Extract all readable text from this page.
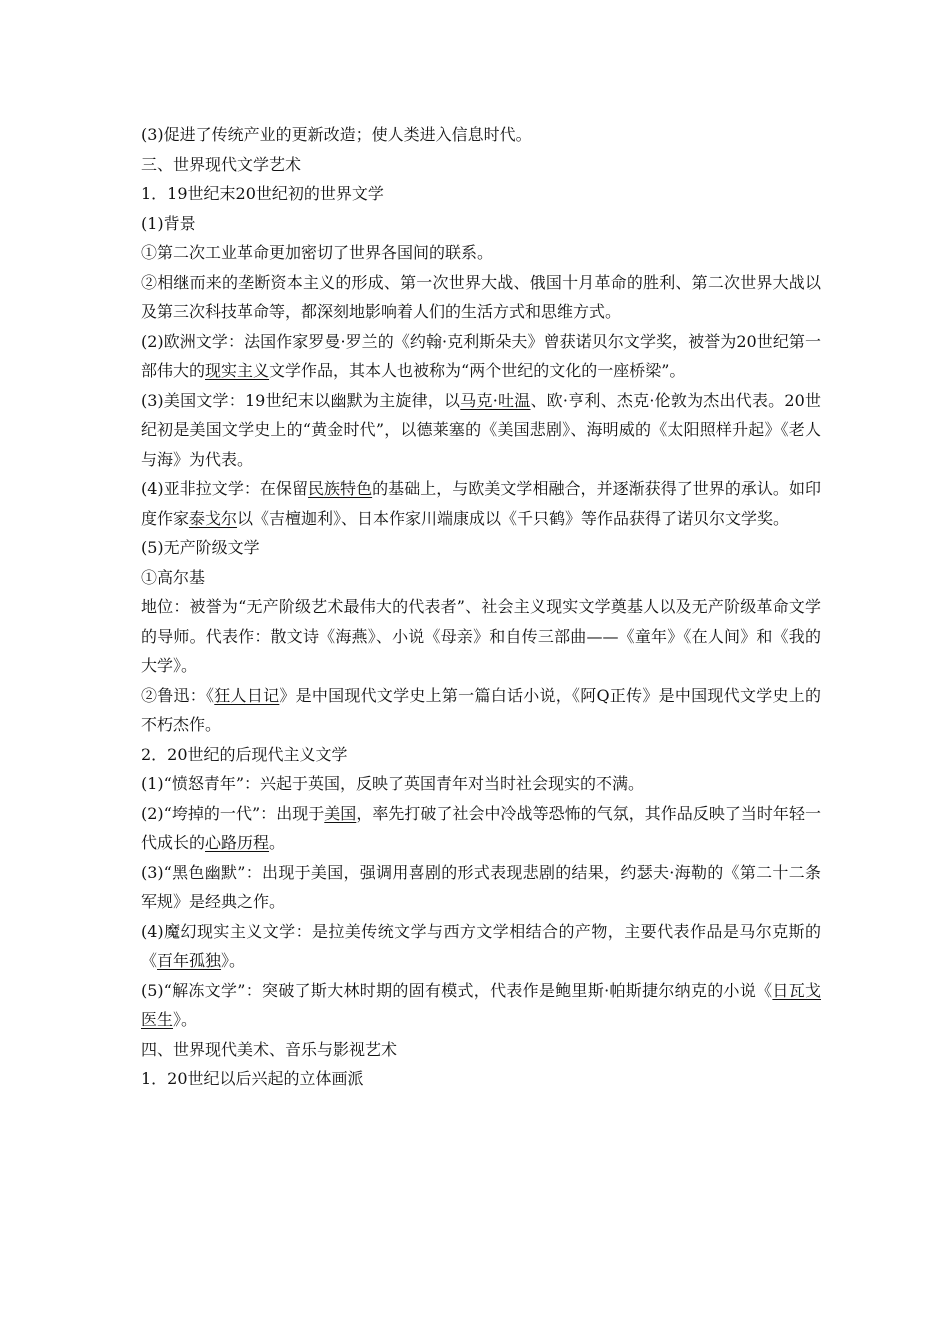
(3)促进了传统产业的更新改造；使人类进入信息时代。

三、世界现代文学艺术

1．19世纪末20世纪初的世界文学

(1)背景

①第二次工业革命更加密切了世界各国间的联系。

②相继而来的垄断资本主义的形成、第一次世界大战、俄国十月革命的胜利、第二次世界大战以及第三次科技革命等，都深刻地影响着人们的生活方式和思维方式。

(2)欧洲文学：法国作家罗曼·罗兰的《约翰·克利斯朵夫》曾获诺贝尔文学奖，被誉为20世纪第一部伟大的现实主义文学作品，其本人也被称为“两个世纪的文化的一座桥梁”。

(3)美国文学：19世纪末以幽默为主旋律，以马克·吐温、欧·亨利、杰克·伦敦为杰出代表。20世纪初是美国文学史上的“黄金时代”，以德莱塞的《美国悲剧》、海明威的《太阳照样升起》《老人与海》为代表。

(4)亚非拉文学：在保留民族特色的基础上，与欧美文学相融合，并逐渐获得了世界的承认。如印度作家泰戈尔以《吉檀迦利》、日本作家川端康成以《千只鹤》等作品获得了诺贝尔文学奖。

(5)无产阶级文学

①高尔基

地位：被誉为“无产阶级艺术最伟大的代表者”、社会主义现实文学奠基人以及无产阶级革命文学的导师。代表作：散文诗《海燕》、小说《母亲》和自传三部曲——《童年》《在人间》和《我的大学》。

②鲁迅：《狂人日记》是中国现代文学史上第一篇白话小说，《阿Q正传》是中国现代文学史上的不朽杰作。

2．20世纪的后现代主义文学

(1)“愤怒青年”：兴起于英国，反映了英国青年对当时社会现实的不满。

(2)“垮掉的一代”：出现于美国，率先打破了社会中冷战等恐怖的气氛，其作品反映了当时年轻一代成长的心路历程。

(3)“黑色幽默”：出现于美国，强调用喜剧的形式表现悲剧的结果，约瑟夫·海勒的《第二十二条军规》是经典之作。

(4)魔幻现实主义文学：是拉美传统文学与西方文学相结合的产物，主要代表作品是马尔克斯的《百年孤独》。

(5)“解冻文学”：突破了斯大林时期的固有模式，代表作是鲍里斯·帕斯捷尔纳克的小说《日瓦戈医生》。

四、世界现代美术、音乐与影视艺术

1．20世纪以后兴起的立体画派
